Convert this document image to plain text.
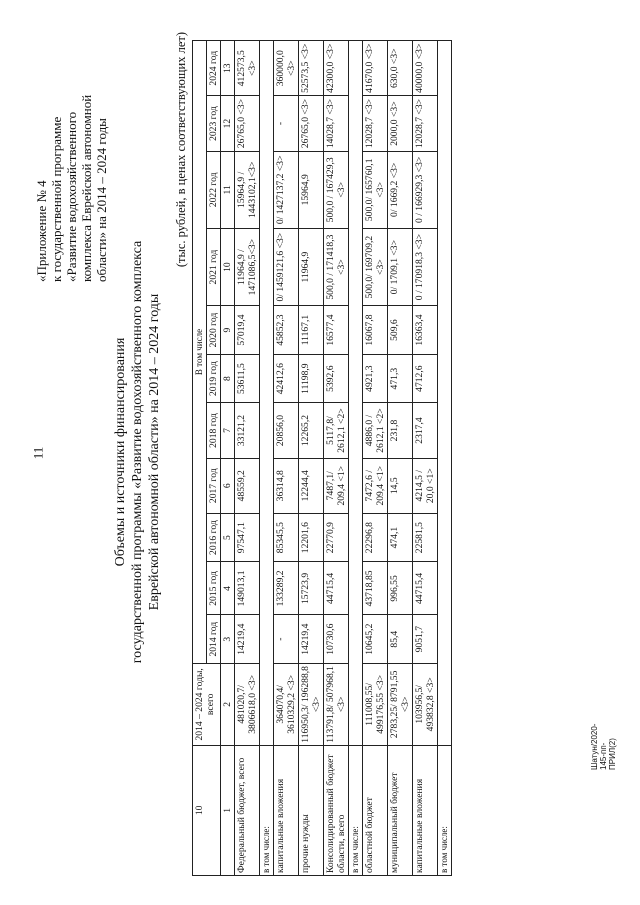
11
«Приложение № 4 к государственной программе «Развитие водохозяйственного комплекса Еврейской автономной области» на 2014 – 2024 годы
Объемы и источники финансирования государственной программы «Развитие водохозяйственного комплекса Еврейской автономной области» на 2014 – 2024 годы
(тыс. рублей, в ценах соответствующих лет)
10	2014 – 2024 годы, всего	В том числе										
		2014 год	2015 год	2016 год	2017 год	2018 год	2019 год	2020 год	2021 год	2022 год	2023 год	2024 год
1	2	3	4	5	6	7	8	9	10	11	12	13
Федеральный бюджет, всего	481020,7/ 3806618,0 <3>	14219,4	149013,1	97547,1	48559,2	33121,2	53611,5	57019,4	11964,9 / 1471086,5<3>	15964,9 / 1443102,1<3>	26765,0 <3>	412573,5 <3>
в том числе:												
капитальные вложения	364070,4/ 3610329,2 <3>	-	133289,2	85345,5	36314,8	20856,0	42412,6	45852,3	0/ 1459121,6 <3>	0/ 1427137,2 <3>	-	360000,0 <3>
прочие нужды	116950,3/ 196288,8 <3>	14219,4	15723,9	12201,6	12244,4	12265,2	11198,9	11167,1	11964,9	15964,9	26765,0 <3>	52573,5 <3>
Консолидированный бюджет области, всего	113791,8/ 507968,1 <3>	10730,6	44715,4	22770,9	7487,1/ 209,4 <1>	5117,8/ 2612,1 <2>	5392,6	16577,4	500,0 / 171418,3 <3>	500,0 / 167429,3 <3>	14028,7 <3>	42300,0 <3>
в том числе:												
областной бюджет	111008,55/ 499176,55 <3>	10645,2	43718,85	22296,8	7472,6 / 209,4 <1>	4886,0 / 2612,1 <2>	4921,3	16067,8	500,0/ 169709,2 <3>	500,0/ 165760,1 <3>	12028,7 <3>	41670,0 <3>
муниципальный бюджет	2783,25/ 8791,55 <3>	85,4	996,55	474,1	14,5	231,8	471,3	509,6	0/ 1709,1 <3>	0/ 1669,2 <3>	2000,0 <3>	630,0 <3>
капитальные вложения	103956,5/ 493832,8 <3>	9051,7	44715,4	22581,5	4214,5 / 20,0 <1>	2317,4	4712,6	16363,4	0 / 170918,3 <3>	0 / 166929,3 <3>	12028,7 <3>	40000,0 <3>
в том числе:												
Шатун/2020-145-пп-ПРИЛ(2)
